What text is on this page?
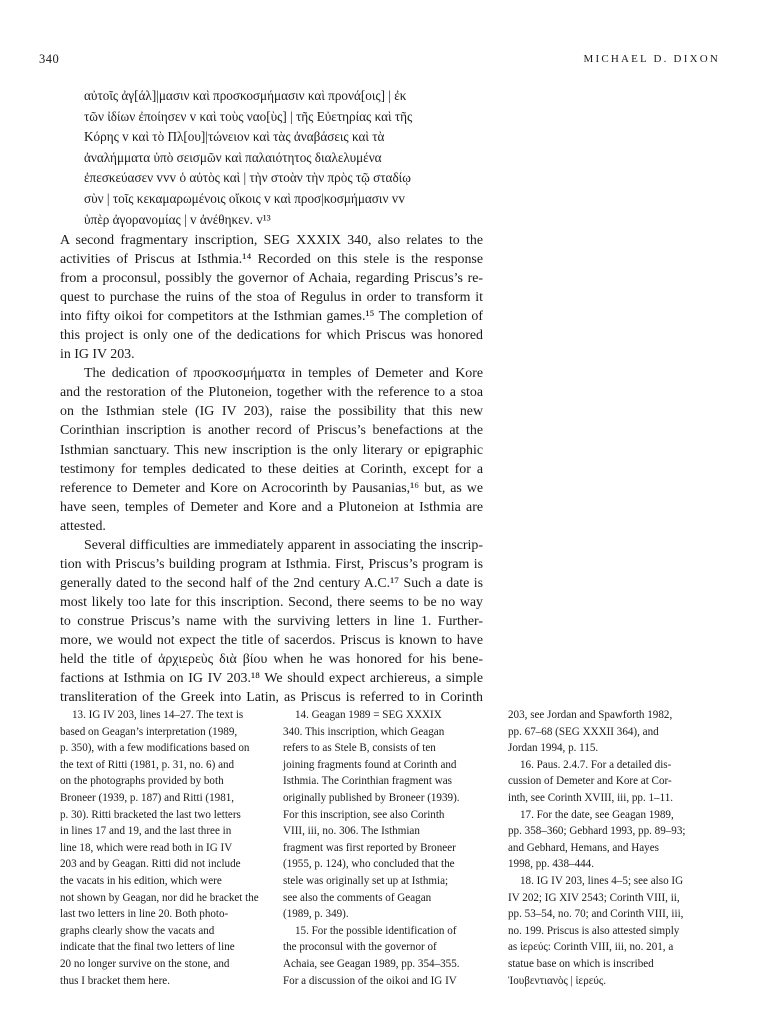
340	MICHAEL D. DIXON
αὐτοῖς ἀγ[άλ]|μασιν καὶ προσκοσμήμασιν καὶ προνά[οις] | ἐκ
τῶν ἰδίων ἐποίησεν v καὶ τοὺς ναο[ὺς] | τῆς Εὐετηρίας καὶ τῆς
Κόρης v καὶ τὸ Πλ[ου]|τώνειον καὶ τὰς ἀναβάσεις καὶ τὰ
ἀναλήμματα ὑπὸ σεισμῶν καὶ παλαιότητος διαλελυμένα
ἐπεσκεύασεν vvv ὁ αὐτὸς καὶ | τὴν στοὰν τὴν πρὸς τῷ σταδίῳ
σὺν | τοῖς κεκαμαρωμένοις οἴκοις v καὶ προσ|κοσμήμασιν vv
ὑπὲρ ἀγορανομίας | v ἀνέθηκεν. v¹³
A second fragmentary inscription, SEG XXXIX 340, also relates to the
activities of Priscus at Isthmia.¹⁴ Recorded on this stele is the response
from a proconsul, possibly the governor of Achaia, regarding Priscus’s re-
quest to purchase the ruins of the stoa of Regulus in order to transform it
into fifty oikoi for competitors at the Isthmian games.¹⁵ The completion of
this project is only one of the dedications for which Priscus was honored
in IG IV 203.
The dedication of προσκοσμήματα in temples of Demeter and Kore
and the restoration of the Plutoneion, together with the reference to a stoa
on the Isthmian stele (IG IV 203), raise the possibility that this new
Corinthian inscription is another record of Priscus’s benefactions at the
Isthmian sanctuary. This new inscription is the only literary or epigraphic
testimony for temples dedicated to these deities at Corinth, except for a
reference to Demeter and Kore on Acrocorinth by Pausanias,¹⁶ but, as we
have seen, temples of Demeter and Kore and a Plutoneion at Isthmia are
attested.
Several difficulties are immediately apparent in associating the inscrip-
tion with Priscus’s building program at Isthmia. First, Priscus’s program is
generally dated to the second half of the 2nd century A.C.¹⁷ Such a date is
most likely too late for this inscription. Second, there seems to be no way
to construe Priscus’s name with the surviving letters in line 1. Further-
more, we would not expect the title of sacerdos. Priscus is known to have
held the title of ἀρχιερεὺς διὰ βίου when he was honored for his bene-
factions at Isthmia on IG IV 203.¹⁸ We should expect archiereus, a simple
transliteration of the Greek into Latin, as Priscus is referred to in Corinth
13. IG IV 203, lines 14–27. The text is
based on Geagan’s interpretation (1989,
p. 350), with a few modifications based on
the text of Ritti (1981, p. 31, no. 6) and
on the photographs provided by both
Broneer (1939, p. 187) and Ritti (1981,
p. 30). Ritti bracketed the last two letters
in lines 17 and 19, and the last three in
line 18, which were read both in IG IV
203 and by Geagan. Ritti did not include
the vacats in his edition, which were
not shown by Geagan, nor did he bracket the
last two letters in line 20. Both photo-
graphs clearly show the vacats and
indicate that the final two letters of line
20 no longer survive on the stone, and
thus I bracket them here.
14. Geagan 1989 = SEG XXXIX
340. This inscription, which Geagan
refers to as Stele B, consists of ten
joining fragments found at Corinth and
Isthmia. The Corinthian fragment was
originally published by Broneer (1939).
For this inscription, see also Corinth
VIII, iii, no. 306. The Isthmian
fragment was first reported by Broneer
(1955, p. 124), who concluded that the
stele was originally set up at Isthmia;
see also the comments of Geagan
(1989, p. 349).
15. For the possible identification of
the proconsul with the governor of
Achaia, see Geagan 1989, pp. 354–355.
For a discussion of the oikoi and IG IV
203, see Jordan and Spawforth 1982,
pp. 67–68 (SEG XXXII 364), and
Jordan 1994, p. 115.
16. Paus. 2.4.7. For a detailed dis-
cussion of Demeter and Kore at Cor-
inth, see Corinth XVIII, iii, pp. 1–11.
17. For the date, see Geagan 1989,
pp. 358–360; Gebhard 1993, pp. 89–93;
and Gebhard, Hemans, and Hayes
1998, pp. 438–444.
18. IG IV 203, lines 4–5; see also IG
IV 202; IG XIV 2543; Corinth VIII, ii,
pp. 53–54, no. 70; and Corinth VIII, iii,
no. 199. Priscus is also attested simply
as ἱερεύς: Corinth VIII, iii, no. 201, a
statue base on which is inscribed
Ἰουβεντιανὸς | ἱερεύς.
